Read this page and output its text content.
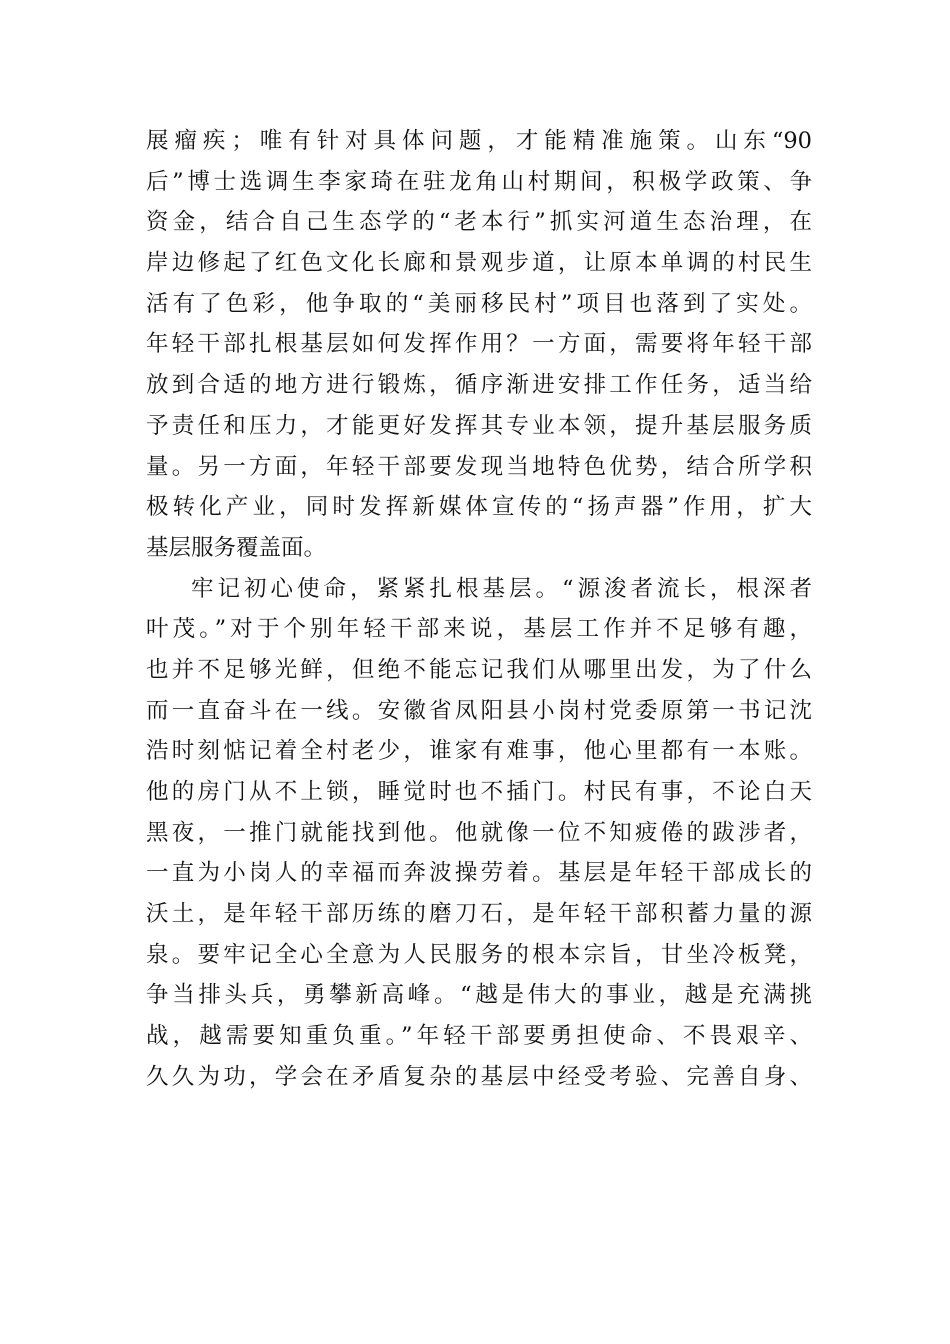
展瘤疾；唯有针对具体问题，才能精准施策。山东“90
后”博士选调生李家琦在驻龙角山村期间，积极学政策、争
资金，结合自己生态学的“老本行”抓实河道生态治理，在
岸边修起了红色文化长廊和景观步道，让原本单调的村民生
活有了色彩，他争取的“美丽移民村”项目也落到了实处。
年轻干部扎根基层如何发挥作用？一方面，需要将年轻干部
放到合适的地方进行锻炼，循序渐进安排工作任务，适当给
予责任和压力，才能更好发挥其专业本领，提升基层服务质
量。另一方面，年轻干部要发现当地特色优势，结合所学积
极转化产业，同时发挥新媒体宣传的“扬声器”作用，扩大
基层服务覆盖面。
牢记初心使命，紧紧扎根基层。“源浚者流长，根深者
叶茂。”对于个别年轻干部来说，基层工作并不足够有趣，
也并不足够光鲜，但绝不能忘记我们从哪里出发，为了什么
而一直奋斗在一线。安徽省凤阳县小岗村党委原第一书记沈
浩时刻惦记着全村老少，谁家有难事，他心里都有一本账。
他的房门从不上锁，睡觉时也不插门。村民有事，不论白天
黑夜，一推门就能找到他。他就像一位不知疲倦的跋涉者，
一直为小岗人的幸福而奔波操劳着。基层是年轻干部成长的
沃土，是年轻干部历练的磨刀石，是年轻干部积蓄力量的源
泉。要牢记全心全意为人民服务的根本宗旨，甘坐冷板凳，
争当排头兵，勇攀新高峰。“越是伟大的事业，越是充满挑
战，越需要知重负重。”年轻干部要勇担使命、不畏艰辛、
久久为功，学会在矛盾复杂的基层中经受考验、完善自身、
